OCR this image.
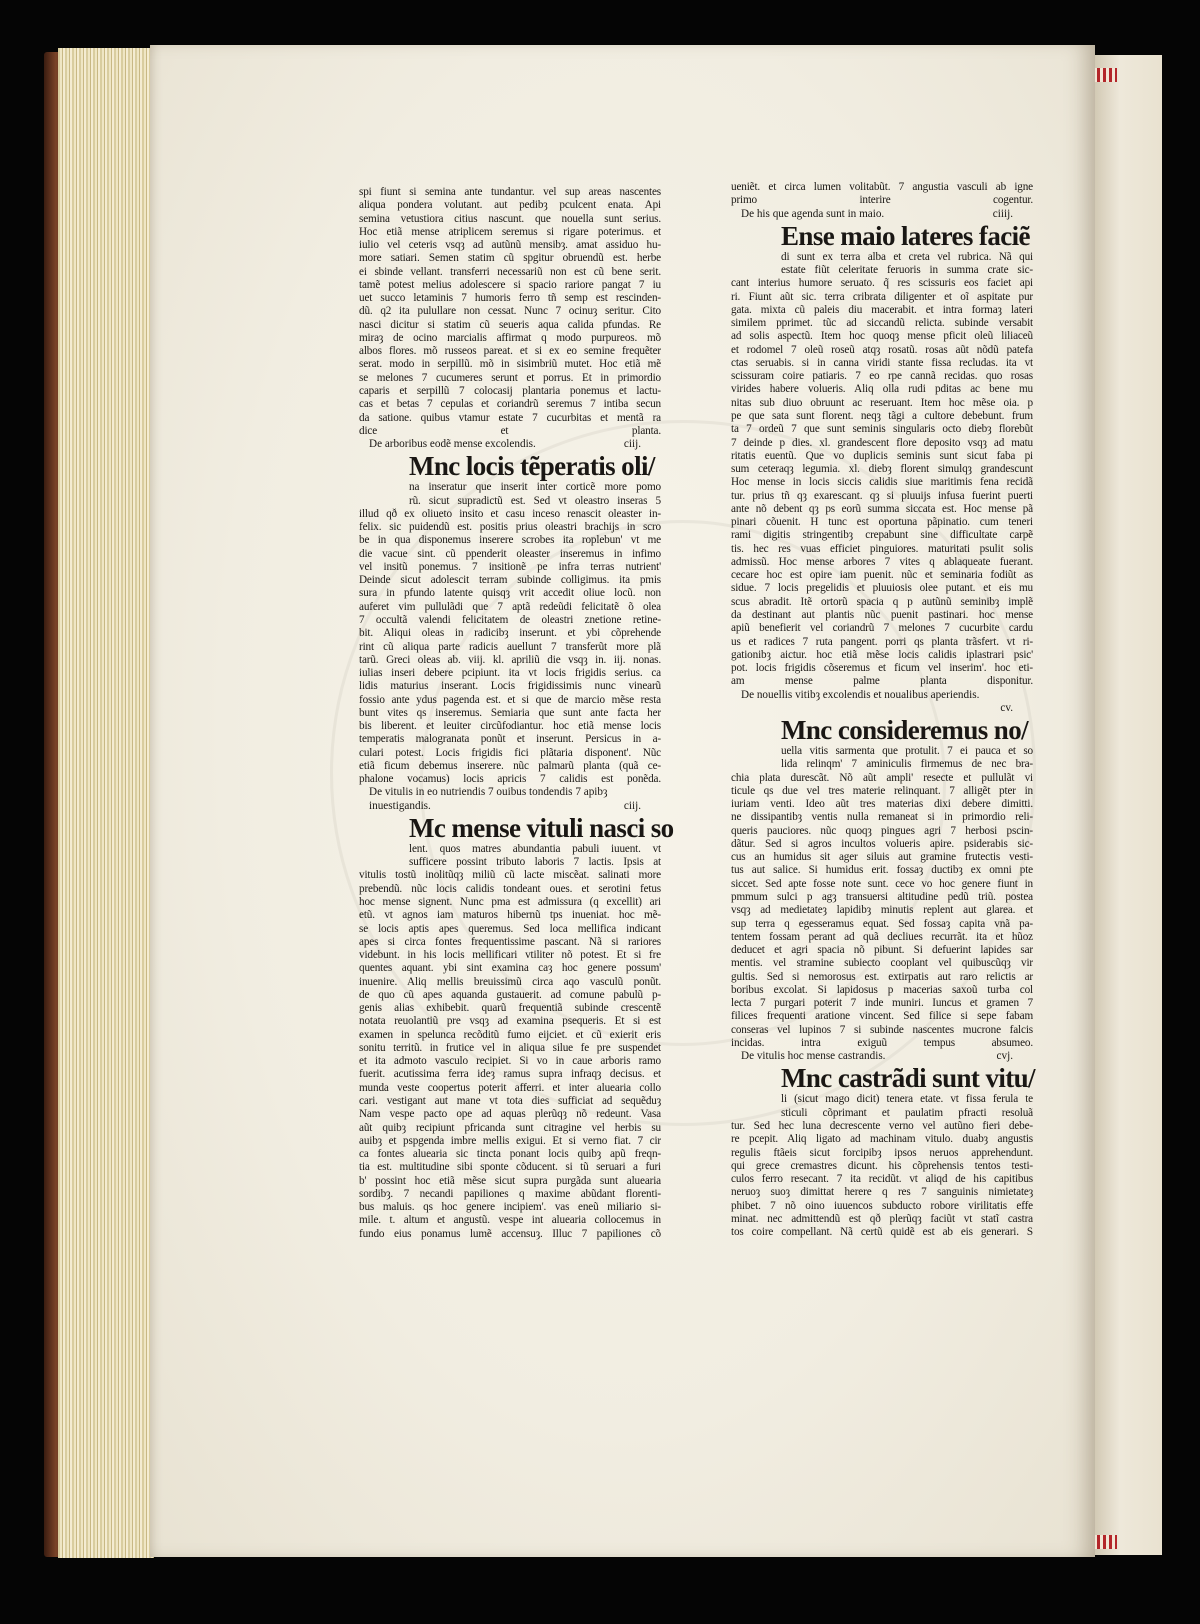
spi fiunt si semina ante tundantur. vel sup areas nascentes
aliqua pondera volutant. aut pedibȝ pculcent enata. Api
semina vetustiora citius nascunt. que nouella sunt serius.
Hoc etiã mense atriplicem seremus si rigare poterimus. et
iulio vel ceteris vsqȝ ad autũnũ mensibȝ. amat assiduo hu-
more satiari. Semen statim cũ spgitur obruendũ est. herbe
ei sbinde vellant. transferri necessariũ non est cũ bene serit.
tamẽ potest melius adolescere si spacio rariore pangat 7 iu
uet succo letaminis 7 humoris ferro tñ semp est rescinden-
dũ. q2 ita pulullare non cessat. Nunc 7 ocinuȝ seritur. Cito
nasci dicitur si statim cũ seueris aqua calida pfundas. Re
miraȝ de ocino marcialis affirmat q modo purpureos. mõ
albos flores. mõ russeos pareat. et si ex eo semine frequẽter
serat. modo in serpillũ. mõ in sisimbriũ mutet. Hoc etiã mẽ
se melones 7 cucumeres serunt et porrus. Et in primordio
caparis et serpillũ 7 colocasij plantaria ponemus et lactu-
cas et betas 7 cepulas et coriandrũ seremus 7 intiba secun
da satione. quibus vtamur estate 7 cucurbitas et mentã ra
dice et planta.
De arboribus eodẽ mense excolendis.	ciij.
Mnc locis tẽperatis oli/
na inseratur que inserit inter corticẽ more pomo
rũ. sicut supradictũ est. Sed vt oleastro inseras 5
illud qð ex oliueto insito et casu inceso renascit oleaster in-
felix. sic puidendũ est. positis prius oleastri brachijs in scro
be in qua disponemus inserere scrobes ita roplebun' vt me
die vacue sint. cũ ppenderit oleaster inseremus in infimo
vel insitũ ponemus. 7 insitionẽ pe infra terras nutrient'
Deinde sicut adolescit terram subinde colligimus. ita pmis
sura in pfundo latente quisqȝ vrit accedit oliue locũ. non
auferet vim pullulãdi que 7 aptã redeũdi felicitatẽ õ olea
7 occultã valendi felicitatem de oleastri znetione retine-
bit. Aliqui oleas in radicibȝ inserunt. et ybi cõprehende
rint cũ aliqua parte radicis auellunt 7 transferũt more plã
tarũ. Greci oleas ab. viij. kl. apriliũ die vsqȝ in. iij. nonas.
iulias inseri debere pcipiunt. ita vt locis frigidis serius. ca
lidis maturius inserant. Locis frigidissimis nunc vinearũ
fossio ante ydus pagenda est. et si que de marcio mẽse resta
bunt vites qs inseremus. Semiaria que sunt ante facta her
bis liberent. et leuiter circũfodiantur. hoc etiã mense locis
temperatis malogranata ponũt et inserunt. Persicus in a-
culari potest. Locis frigidis fici plãtaria disponent'. Nũc
etiã ficum debemus inserere. nũc palmarũ planta (quã ce-
phalone vocamus) locis apricis 7 calidis est ponẽda.
De vitulis in eo nutriendis 7 ouibus tondendis 7 apibȝ
inuestigandis.	ciij.
Mc mense vituli nasci so
lent. quos matres abundantia pabuli iuuent. vt
sufficere possint tributo laboris 7 lactis. Ipsis at
vitulis tostũ inolitũqȝ miliũ cũ lacte miscẽat. salinati more
prebendũ. nũc locis calidis tondeant oues. et serotini fetus
hoc mense signent. Nunc pma est admissura (q excellit) ari
etũ. vt agnos iam maturos hibernũ tps inueniat. hoc mẽ-
se locis aptis apes queremus. Sed loca mellifica indicant
apes si circa fontes frequentissime pascant. Nã si rariores
videbunt. in his locis mellificari vtiliter nõ potest. Et si fre
quentes aquant. ybi sint examina caȝ hoc genere possum'
inuenire. Aliq mellis breuissimũ circa aqo vasculũ ponũt.
de quo cũ apes aquanda gustauerit. ad comune pabulũ p-
genis alias exhibebit. quarũ frequentiã subinde crescentẽ
notata reuolantiũ pre vsqȝ ad examina psequeris. Et si est
examen in spelunca recõditũ fumo eijciet. et cũ exierit eris
sonitu territũ. in frutice vel in aliqua silue fe pre suspendet
et ita admoto vasculo recipiet. Si vo in caue arboris ramo
fuerit. acutissima ferra ideȝ ramus supra infraqȝ decisus. et
munda veste coopertus poterit afferri. et inter aluearia collo
cari. vestigant aut mane vt tota dies sufficiat ad sequẽduȝ
Nam vespe pacto ope ad aquas plerũqȝ nõ redeunt. Vasa
aũt quibȝ recipiunt pfricanda sunt citragine vel herbis su
auibȝ et pspgenda imbre mellis exigui. Et si verno fiat. 7 cir
ca fontes aluearia sic tincta ponant locis quibȝ apũ freqn-
tia est. multitudine sibi sponte cõducent. si tũ seruari a furi
b' possint hoc etiã mẽse sicut supra purgãda sunt aluearia
sordibȝ. 7 necandi papiliones q maxime abũdant florenti-
bus maluis. qs hoc genere incipiem'. vas eneũ miliario si-
mile. t. altum et angustũ. vespe int aluearia collocemus in
fundo eius ponamus lumẽ accensuȝ. Illuc 7 papiliones cõ
ueniẽt. et circa lumen volitabũt. 7 angustia vasculi ab igne
primo interire cogentur.
De his que agenda sunt in maio.	ciiij.
Ense maio lateres faciẽ
di sunt ex terra alba et creta vel rubrica. Nã qui
estate fiũt celeritate feruoris in summa crate sic-
cant interius humore seruato. q̃ res scissuris eos faciet api
ri. Fiunt aũt sic. terra cribrata diligenter et oĩ aspitate pur
gata. mixta cũ paleis diu macerabit. et intra formaȝ lateri
similem pprimet. tũc ad siccandũ relicta. subinde versabit
ad solis aspectũ. Item hoc quoqȝ mense pficit oleũ liliaceũ
et rodomel 7 oleũ roseũ atqȝ rosatũ. rosas aũt nõdũ patefa
ctas seruabis. si in canna viridi stante fissa recludas. ita vt
scissuram coire patiaris. 7 eo rpe cannã recidas. quo rosas
virides habere volueris. Aliq olla rudi pditas ac bene mu
nitas sub diuo obruunt ac reseruant. Item hoc mẽse oia. p
pe que sata sunt florent. neqȝ tãgi a cultore debebunt. frum
ta 7 ordeũ 7 que sunt seminis singularis octo diebȝ florebũt
7 deinde p dies. xl. grandescent flore deposito vsqȝ ad matu
ritatis euentũ. Que vo duplicis seminis sunt sicut faba pi
sum ceteraqȝ legumia. xl. diebȝ florent simulqȝ grandescunt
Hoc mense in locis siccis calidis siue maritimis fena recidã
tur. prius tñ qȝ exarescant. qȝ si pluuijs infusa fuerint puerti
ante nõ debent qȝ ps eorũ summa siccata est. Hoc mense pã
pinari cõuenit. H tunc est oportuna pãpinatio. cum teneri
rami digitis stringentibȝ crepabunt sine difficultate carpẽ
tis. hec res vuas efficiet pinguiores. maturitati psulit solis
admissũ. Hoc mense arbores 7 vites q ablaqueate fuerant.
cecare hoc est opire iam puenit. nũc et seminaria fodiũt as
sidue. 7 locis pregelidis et pluuiosis olee putant. et eis mu
scus abradit. Itẽ ortorũ spacia q p autũnũ seminibȝ implẽ
da destinant aut plantis nũc puenit pastinari. hoc mense
apiũ benefierit vel coriandrũ 7 melones 7 cucurbite cardu
us et radices 7 ruta pangent. porri qs planta trãsfert. vt ri-
gationibȝ aictur. hoc etiã mẽse locis calidis iplastrari psic'
pot. locis frigidis cõseremus et ficum vel inserim'. hoc eti-
am mense palme planta disponitur.
De nouellis vitibȝ excolendis et noualibus aperiendis.
cv.
Mnc consideremus no/
uella vitis sarmenta que protulit. 7 ei pauca et so
lida relinqm' 7 aminiculis firmemus de nec bra-
chia plata durescãt. Nõ aũt ampli' resecte et pullulãt vi
ticule qs due vel tres materie relinquant. 7 alligẽt pter in
iuriam venti. Ideo aũt tres materias dixi debere dimitti.
ne dissipantibȝ ventis nulla remaneat si in primordio reli-
queris pauciores. nũc quoqȝ pingues agri 7 herbosi pscin-
dãtur. Sed si agros incultos volueris apire. psiderabis sic-
cus an humidus sit ager siluis aut gramine frutectis vesti-
tus aut salice. Si humidus erit. fossaȝ ductibȝ ex omni pte
siccet. Sed apte fosse note sunt. cece vo hoc genere fiunt in
pmmum sulci p agȝ transuersi altitudine pedũ triũ. postea
vsqȝ ad medietateȝ lapidibȝ minutis replent aut glarea. et
sup terra q egesseramus equat. Sed fossaȝ capita vnã pa-
tentem fossam perant ad quã decliues recurrãt. ita et hũoz
deducet et agri spacia nõ pibunt. Si defuerint lapides sar
mentis. vel stramine subiecto cooplant vel quibuscũqȝ vir
gultis. Sed si nemorosus est. extirpatis aut raro relictis ar
boribus excolat. Si lapidosus p macerias saxoũ turba col
lecta 7 purgari poterit 7 inde muniri. Iuncus et gramen 7
filices frequenti aratione vincent. Sed filice si sepe fabam
conseras vel lupinos 7 si subinde nascentes mucrone falcis
incidas. intra exiguũ tempus absumeo.
De vitulis hoc mense castrandis.	cvj.
Mnc castrãdi sunt vitu/
li (sicut mago dicit) tenera etate. vt fissa ferula te
sticuli cõprimant et paulatim pfracti resoluã
tur. Sed hec luna decrescente verno vel autũno fieri debe-
re pcepit. Aliq ligato ad machinam vitulo. duabȝ angustis
regulis ftãeis sicut forcipibȝ ipsos neruos apprehendunt.
qui grece cremastres dicunt. his cõprehensis tentos testi-
culos ferro resecant. 7 ita recidũt. vt aliqd de his capitibus
neruoȝ suoȝ dimittat herere q res 7 sanguinis nimietateȝ
phibet. 7 nõ oino iuuencos subducto robore virilitatis effe
minat. nec admittendũ est qð plerũqȝ faciũt vt statĩ castra
tos coire compellant. Nã certũ quidẽ est ab eis generari. S
